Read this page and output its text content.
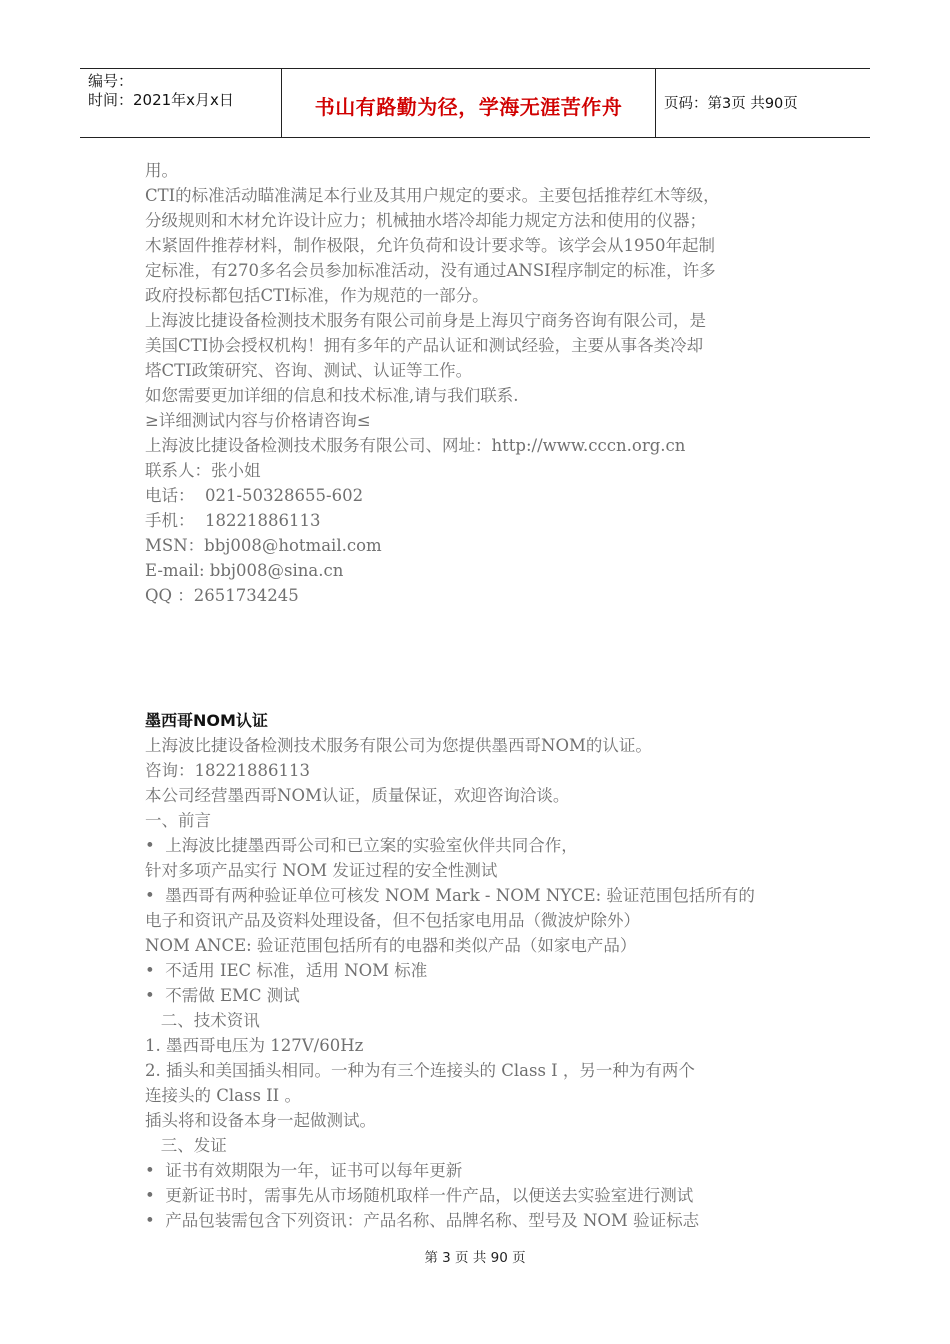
编号：
时间：2021年x月x日	书山有路勤为径，学海无涯苦作舟	页码：第3页 共90页
用。
CTI的标准活动瞄准满足本行业及其用户规定的要求。主要包括推荐红木等级，
分级规则和木材允许设计应力；机械抽水塔冷却能力规定方法和使用的仪器；
木紧固件推荐材料，制作极限，允许负荷和设计要求等。该学会从1950年起制
定标准，有270多名会员参加标准活动，没有通过ANSI程序制定的标准，许多
政府投标都包括CTI标准，作为规范的一部分。
上海波比捷设备检测技术服务有限公司前身是上海贝宁商务咨询有限公司，是
美国CTI协会授权机构！拥有多年的产品认证和测试经验，主要从事各类冷却
塔CTI政策研究、咨询、测试、认证等工作。
如您需要更加详细的信息和技术标准,请与我们联系.
≥详细测试内容与价格请咨询≤
上海波比捷设备检测技术服务有限公司、网址：http://www.cccn.org.cn
联系人：张小姐
电话：  021-50328655-602
手机：  18221886113
MSN：bbj008@hotmail.com
E-mail: bbj008@sina.cn
QQ ：2651734245
墨西哥NOM认证
上海波比捷设备检测技术服务有限公司为您提供墨西哥NOM的认证。
咨询：18221886113
本公司经营墨西哥NOM认证，质量保证，欢迎咨询洽谈。
一、前言
•  上海波比捷墨西哥公司和已立案的实验室伙伴共同合作，
针对多项产品实行 NOM 发证过程的安全性测试
•  墨西哥有两种验证单位可核发 NOM Mark - NOM NYCE: 验证范围包括所有的
电子和资讯产品及资料处理设备，但不包括家电用品（微波炉除外）
NOM ANCE: 验证范围包括所有的电器和类似产品（如家电产品）
•  不适用 IEC 标准，适用 NOM 标准
•  不需做 EMC 测试
二、技术资讯
1. 墨西哥电压为 127V/60Hz
2. 插头和美国插头相同。一种为有三个连接头的 Class I ，另一种为有两个
连接头的 Class II 。
插头将和设备本身一起做测试。
三、发证
•  证书有效期限为一年，证书可以每年更新
•  更新证书时，需事先从市场随机取样一件产品，以便送去实验室进行测试
•  产品包装需包含下列资讯：产品名称、品牌名称、型号及 NOM 验证标志
第 3 页 共 90 页
